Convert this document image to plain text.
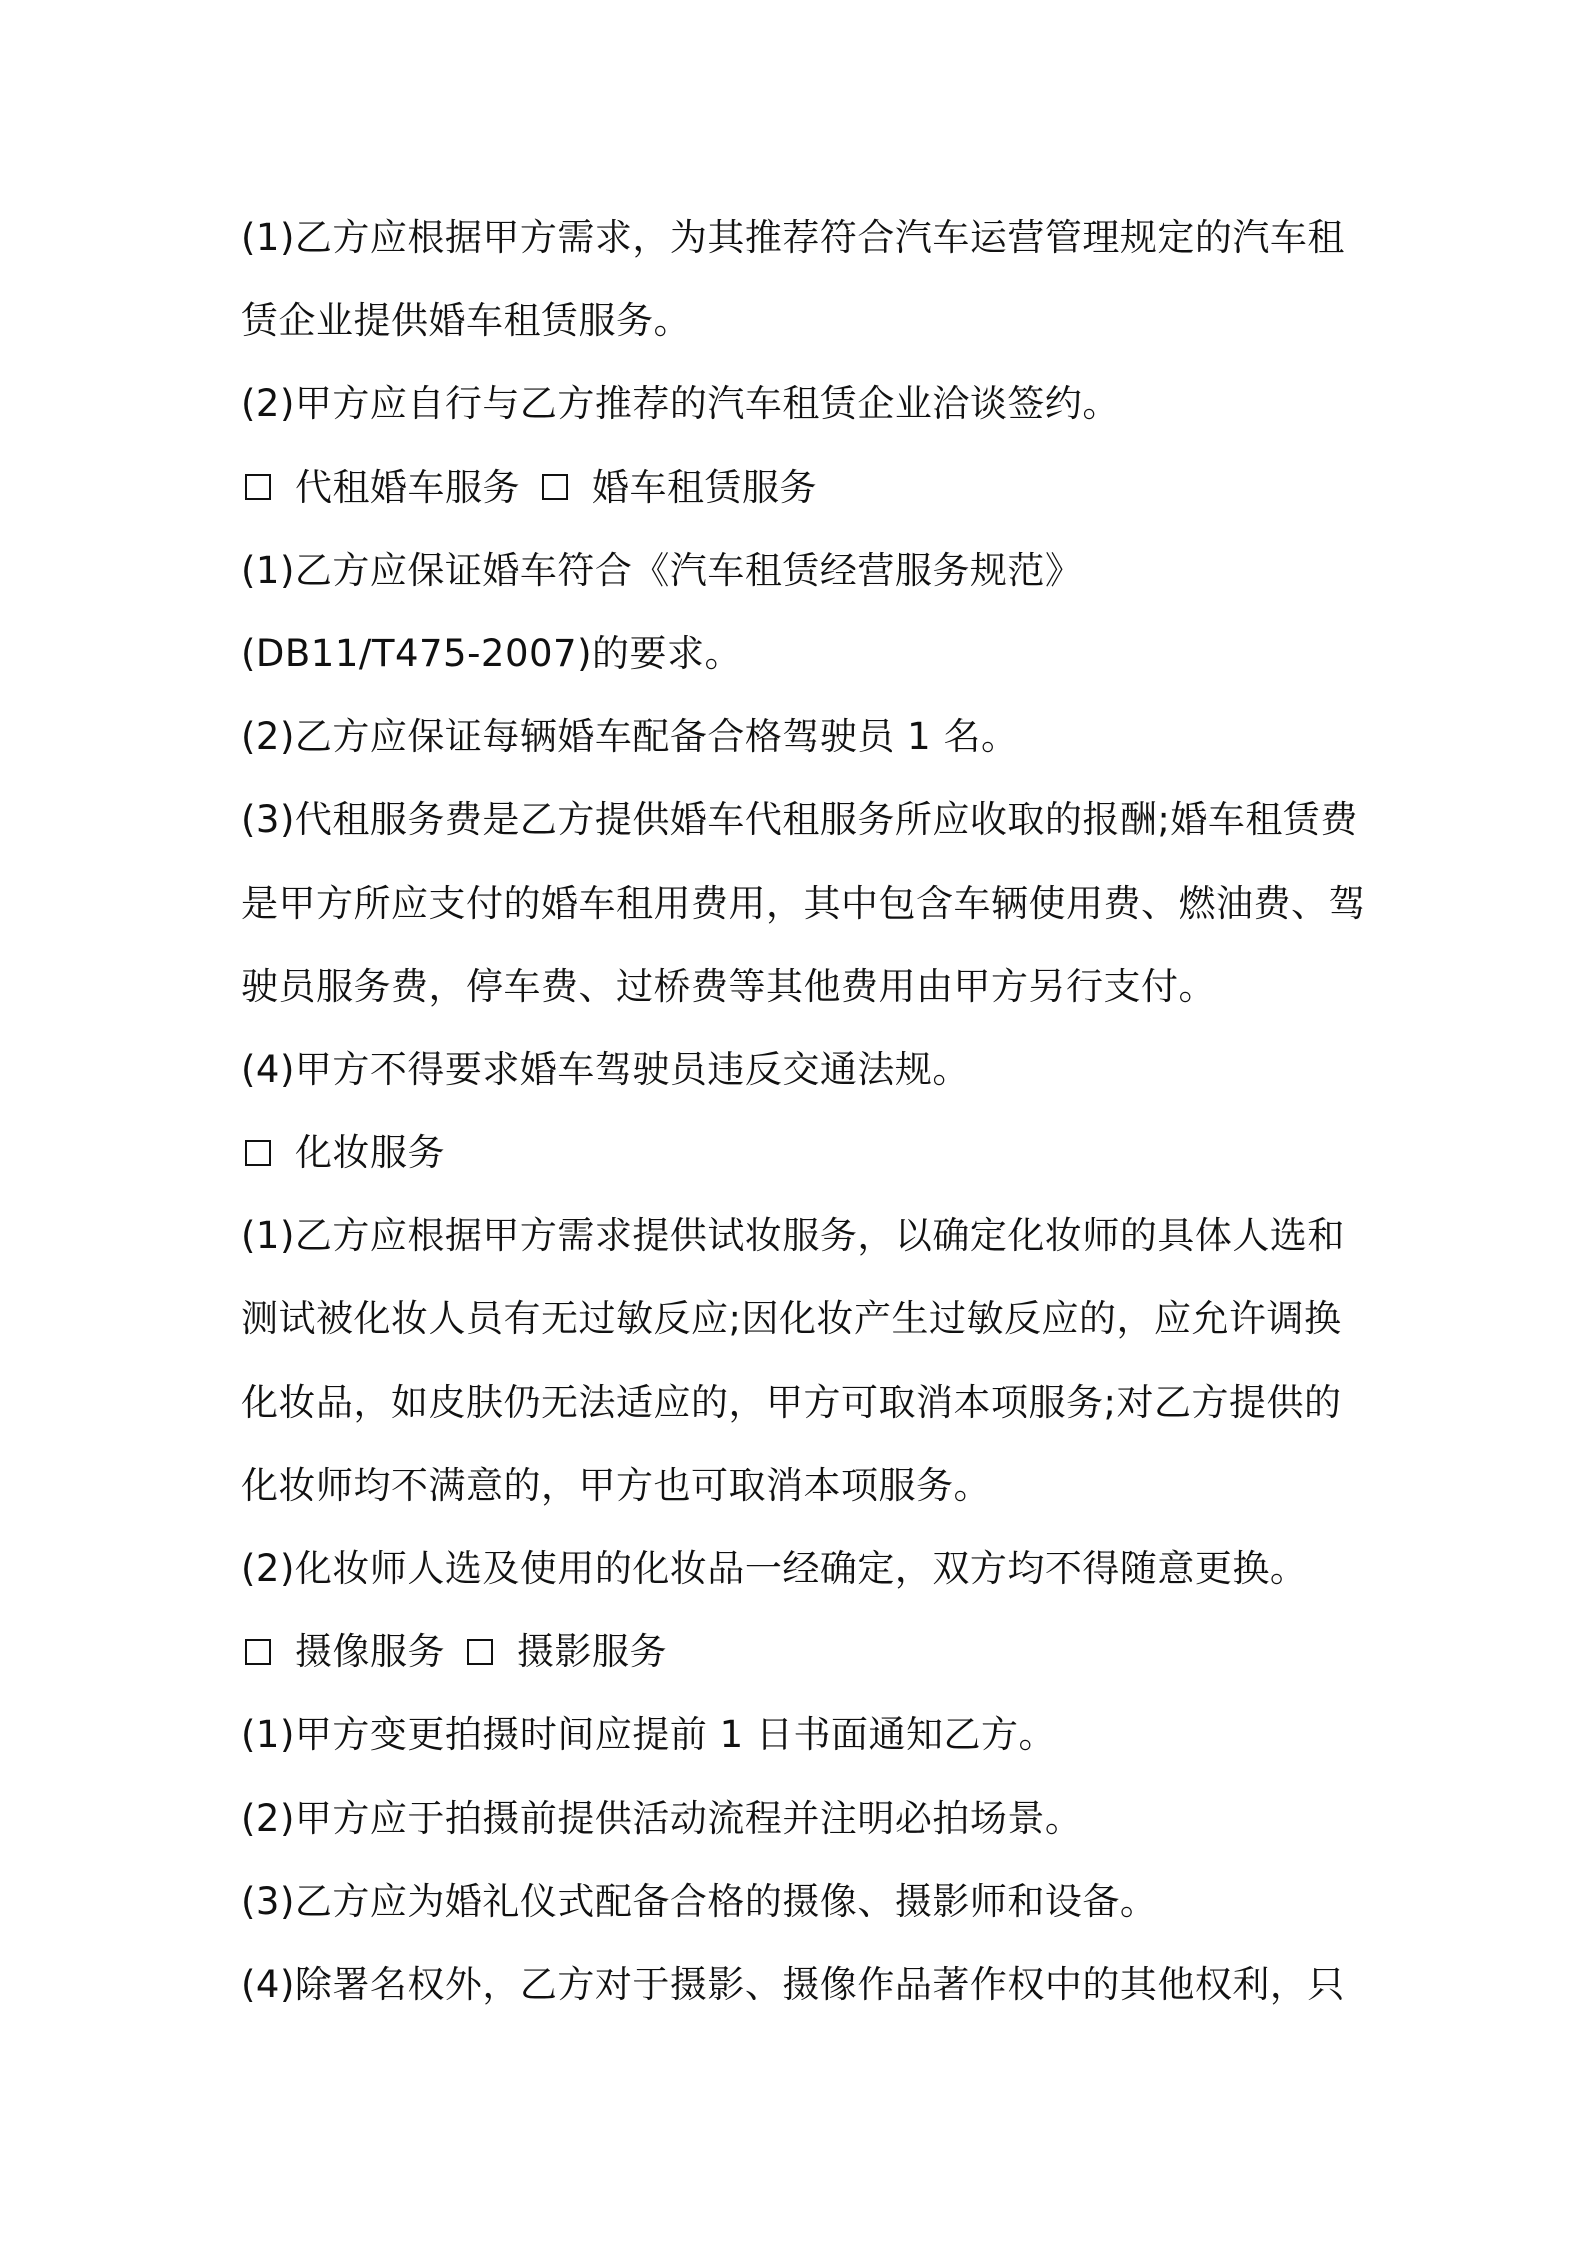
(1)乙方应根据甲方需求，为其推荐符合汽车运营管理规定的汽车租
赁企业提供婚车租赁服务。
(2)甲方应自行与乙方推荐的汽车租赁企业洽谈签约。
代租婚车服务 婚车租赁服务
(1)乙方应保证婚车符合《汽车租赁经营服务规范》
(DB11/T475-2007)的要求。
(2)乙方应保证每辆婚车配备合格驾驶员 1 名。
(3)代租服务费是乙方提供婚车代租服务所应收取的报酬;婚车租赁费
是甲方所应支付的婚车租用费用，其中包含车辆使用费、燃油费、驾
驶员服务费，停车费、过桥费等其他费用由甲方另行支付。
(4)甲方不得要求婚车驾驶员违反交通法规。
化妆服务
(1)乙方应根据甲方需求提供试妆服务，以确定化妆师的具体人选和
测试被化妆人员有无过敏反应;因化妆产生过敏反应的，应允许调换
化妆品，如皮肤仍无法适应的，甲方可取消本项服务;对乙方提供的
化妆师均不满意的，甲方也可取消本项服务。
(2)化妆师人选及使用的化妆品一经确定，双方均不得随意更换。
摄像服务 摄影服务
(1)甲方变更拍摄时间应提前 1 日书面通知乙方。
(2)甲方应于拍摄前提供活动流程并注明必拍场景。
(3)乙方应为婚礼仪式配备合格的摄像、摄影师和设备。
(4)除署名权外，乙方对于摄影、摄像作品著作权中的其他权利，只
